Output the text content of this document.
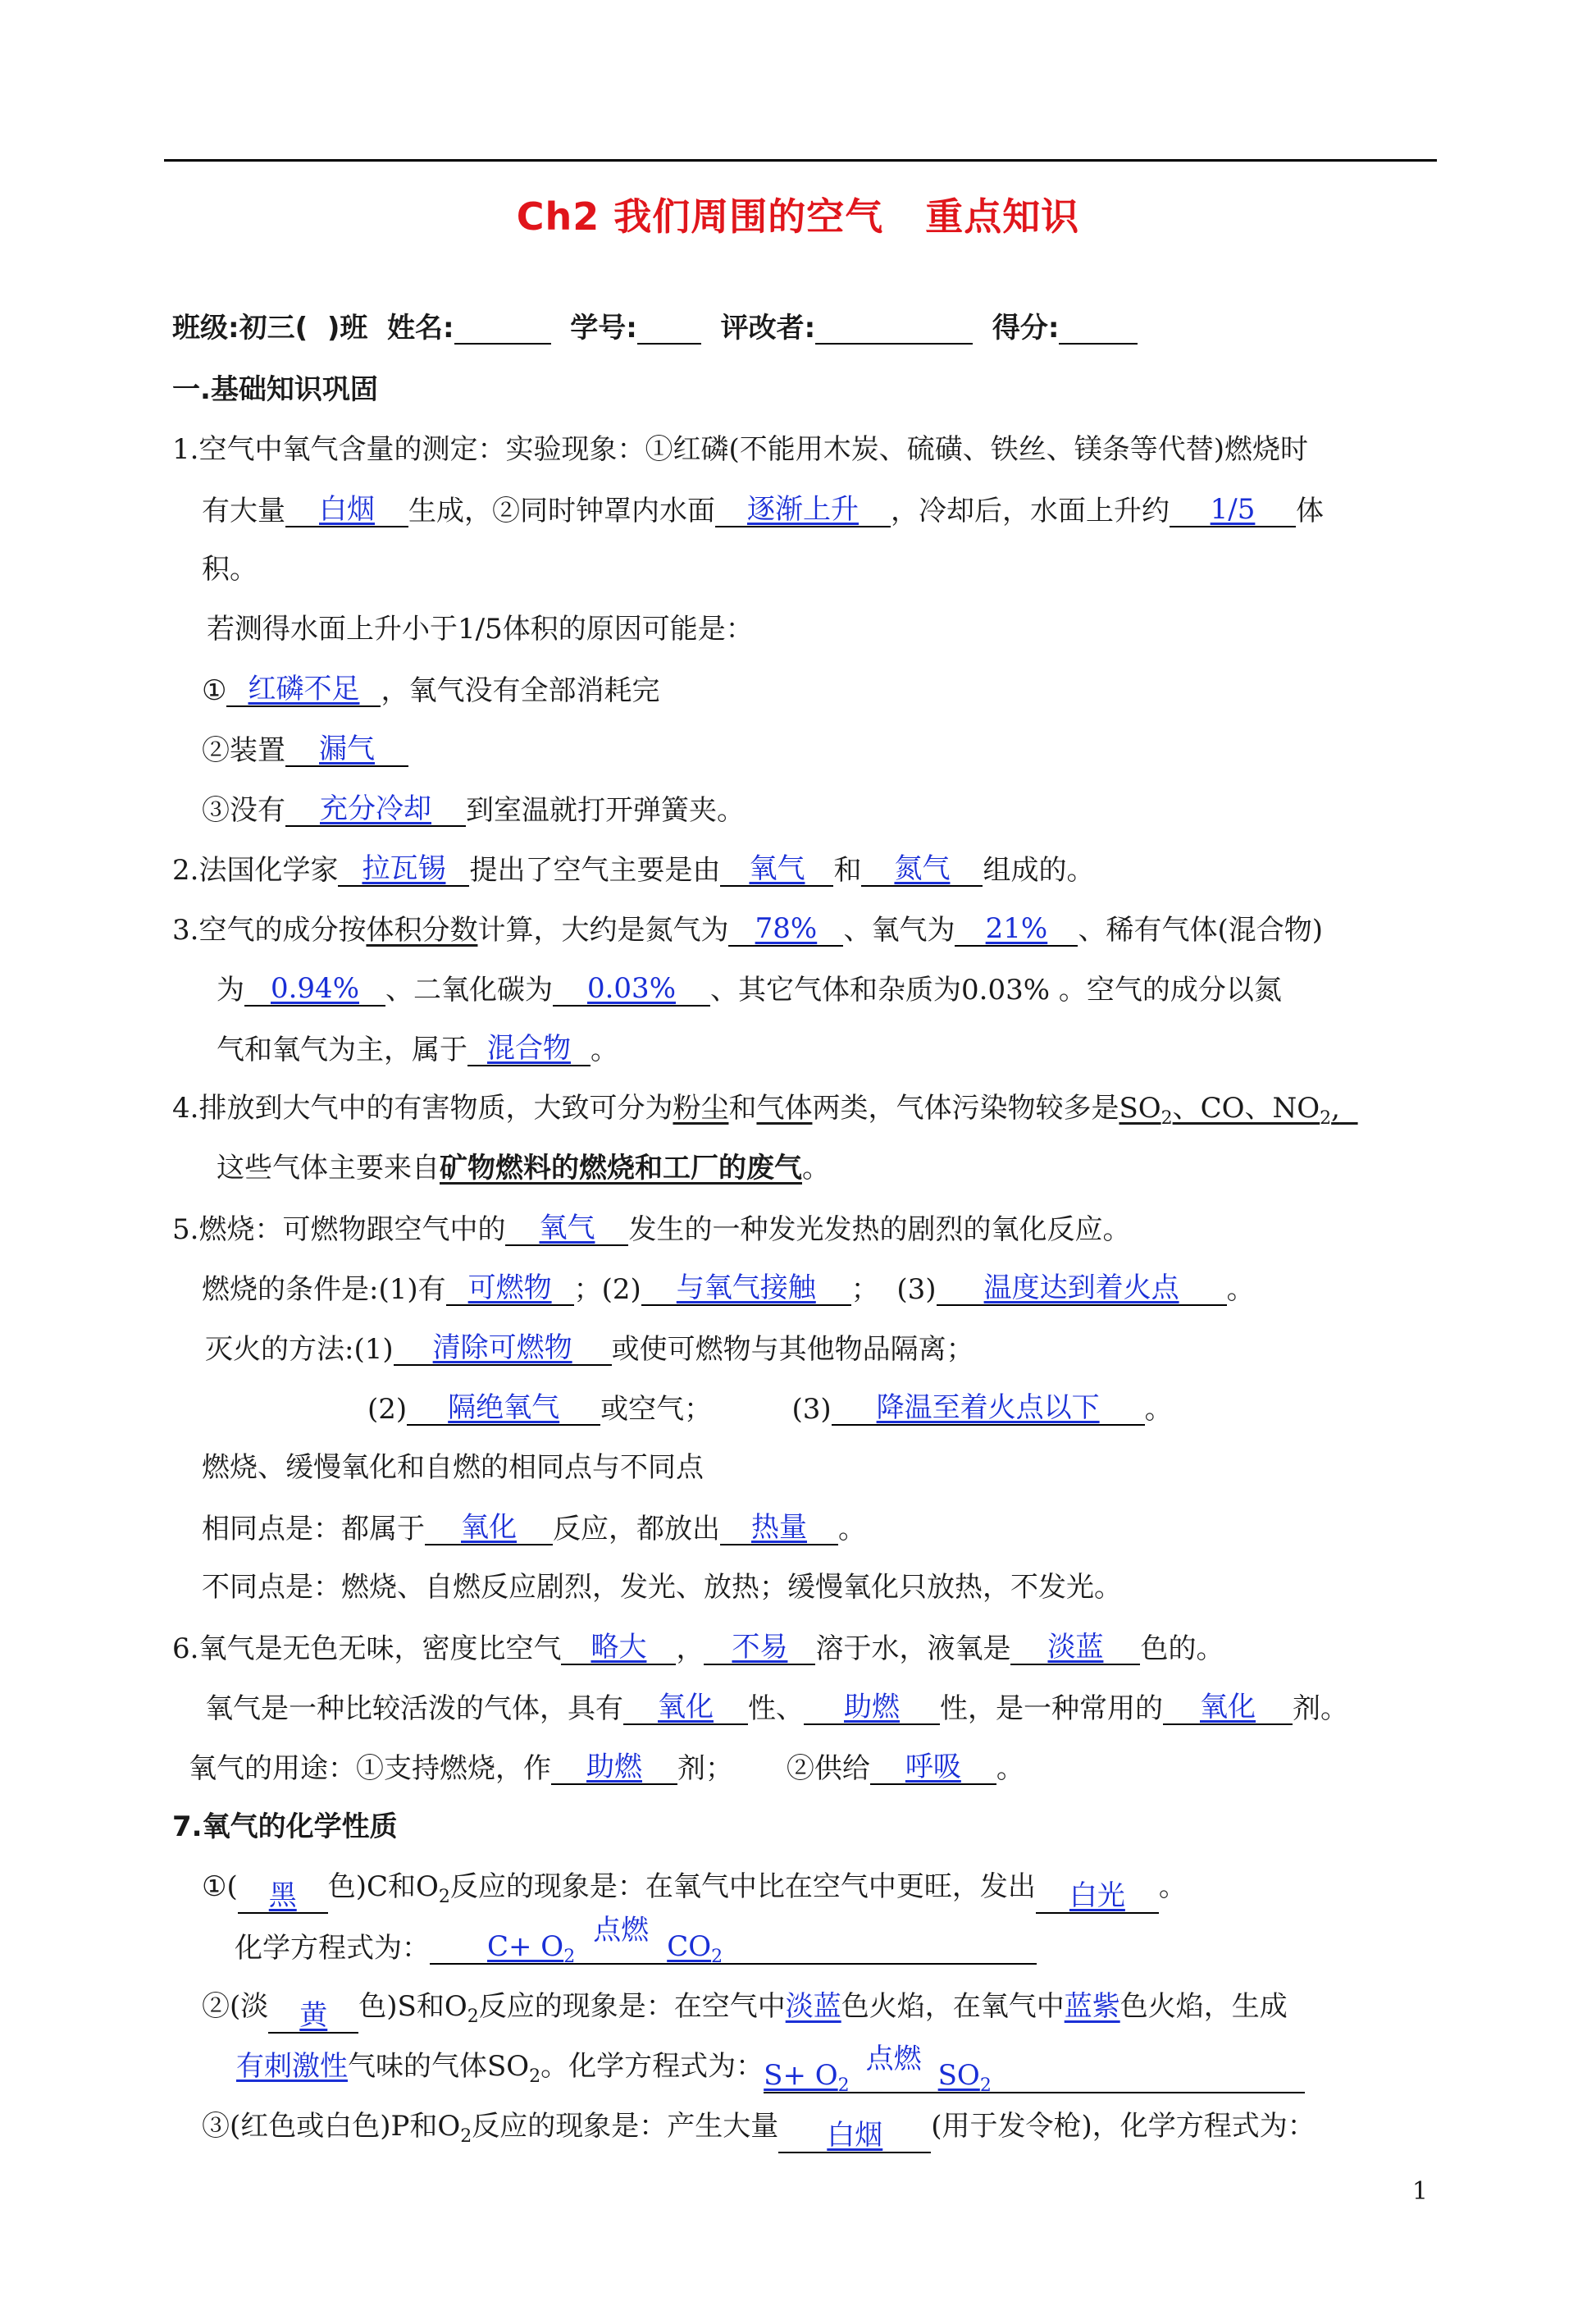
Ch2 我们周围的空气   重点知识
班级:初三(  )班  姓名:	学号:  评改者:	得分:
一.基础知识巩固
1.空气中氧气含量的测定：实验现象：①红磷(不能用木炭、硫磺、铁丝、镁条等代替)燃烧时
有大量 白烟 生成，②同时钟罩内水面 逐渐上升 ，冷却后，水面上升约 1/5 体
积。
若测得水面上升小于1/5体积的原因可能是：
① 红磷不足 ，氧气没有全部消耗完
②装置 漏气
③没有 充分冷却 到室温就打开弹簧夹。
2.法国化学家 拉瓦锡 提出了空气主要是由 氧气 和 氮气 组成的。
3.空气的成分按体积分数计算，大约是氮气为 78% 、氧气为 21% 、稀有气体(混合物)
为 0.94% 、二氧化碳为 0.03% 、其它气体和杂质为0.03% 。空气的成分以氮
气和氧气为主，属于 混合物 。
4.排放到大气中的有害物质，大致可分为粉尘和气体两类，气体污染物较多是$SO_2$、CO、$NO_2$,
这些气体主要来自矿物燃料的燃烧和工厂的废气。
5.燃烧：可燃物跟空气中的 氧气 发生的一种发光发热的剧烈的氧化反应。
燃烧的条件是:(1)有 可燃物 ；(2) 与氧气接触 ；  (3) 温度达到着火点 。
灭火的方法:(1) 清除可燃物 或使可燃物与其他物品隔离；
(2) 隔绝氧气 或空气；         (3) 降温至着火点以下 。
燃烧、缓慢氧化和自燃的相同点与不同点
相同点是：都属于 氧化 反应，都放出 热量 。
不同点是：燃烧、自燃反应剧烈，发光、放热；缓慢氧化只放热，不发光。
6.氧气是无色无味，密度比空气 略大 ， 不易 溶于水，液氧是 淡蓝 色的。
氧气是一种比较活泼的气体，具有 氧化 性、 助燃 性，是一种常用的 氧化 剂。
氧气的用途：①支持燃烧，作 助燃 剂；      ②供给 呼吸 。
7.氧气的化学性质
①( 黑 色)C和$O_2$反应的现象是：在氧气中比在空气中更旺，发出 白光 。
化学方程式为： $C+ O_2$点燃 $CO_2$
②(淡 黄 色)S和$O_2$反应的现象是：在空气中淡蓝色火焰，在氧气中蓝紫色火焰，生成
有刺激性气味的气体$SO_2$。化学方程式为：$S+ O_2$点燃 $SO_2$
③(红色或白色)P和$O_2$反应的现象是：产生大量 白烟 (用于发令枪)，化学方程式为：
1
